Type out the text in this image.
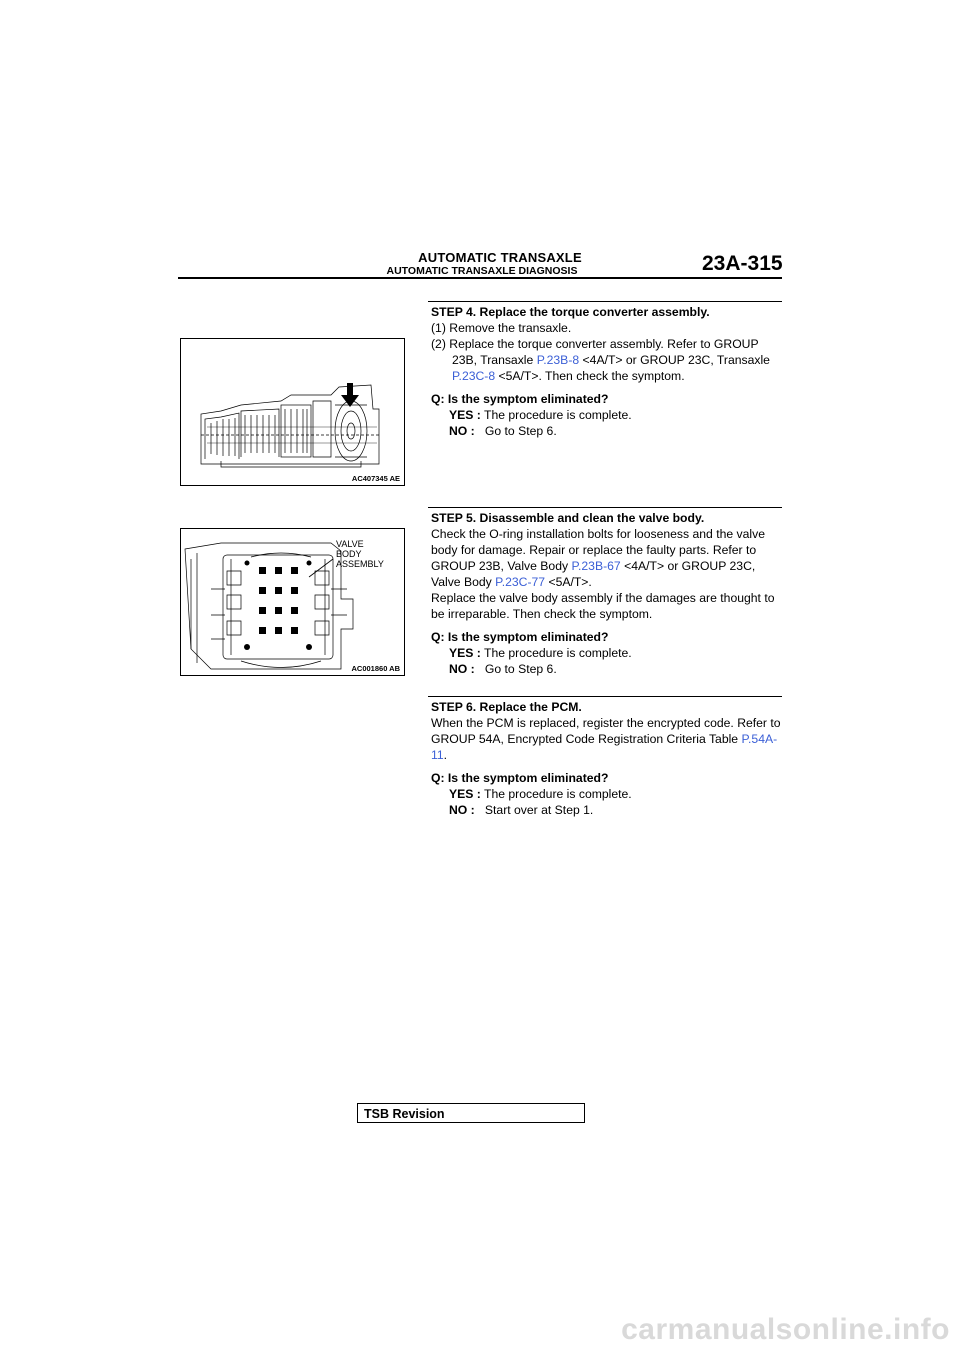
AUTOMATIC TRANSAXLE
AUTOMATIC TRANSAXLE DIAGNOSIS	23A-315

STEP 4. Replace the torque converter assembly.

(1) Remove the transaxle.

(2) Replace the torque converter assembly. Refer to GROUP 23B, Transaxle P.23B-8 <4A/T> or GROUP 23C, Transaxle P.23C-8 <5A/T>. Then check the symptom.

Q: Is the symptom eliminated?

YES : The procedure is complete.

NO : Go to Step 6.

AC407345 AE

STEP 5. Disassemble and clean the valve body.

Check the O-ring installation bolts for looseness and the valve body for damage. Repair or replace the faulty parts. Refer to GROUP 23B, Valve Body P.23B-67 <4A/T> or GROUP 23C, Valve Body P.23C-77 <5A/T>.

Replace the valve body assembly if the damages are thought to be irreparable. Then check the symptom.

Q: Is the symptom eliminated?

YES : The procedure is complete.

NO : Go to Step 6.

VALVE
BODY
ASSEMBLY
AC001860 AB

STEP 6. Replace the PCM.

When the PCM is replaced, register the encrypted code. Refer to GROUP 54A, Encrypted Code Registration Criteria Table P.54A-11.

Q: Is the symptom eliminated?

YES : The procedure is complete.

NO : Start over at Step 1.

TSB Revision
carmanualsonline.info
